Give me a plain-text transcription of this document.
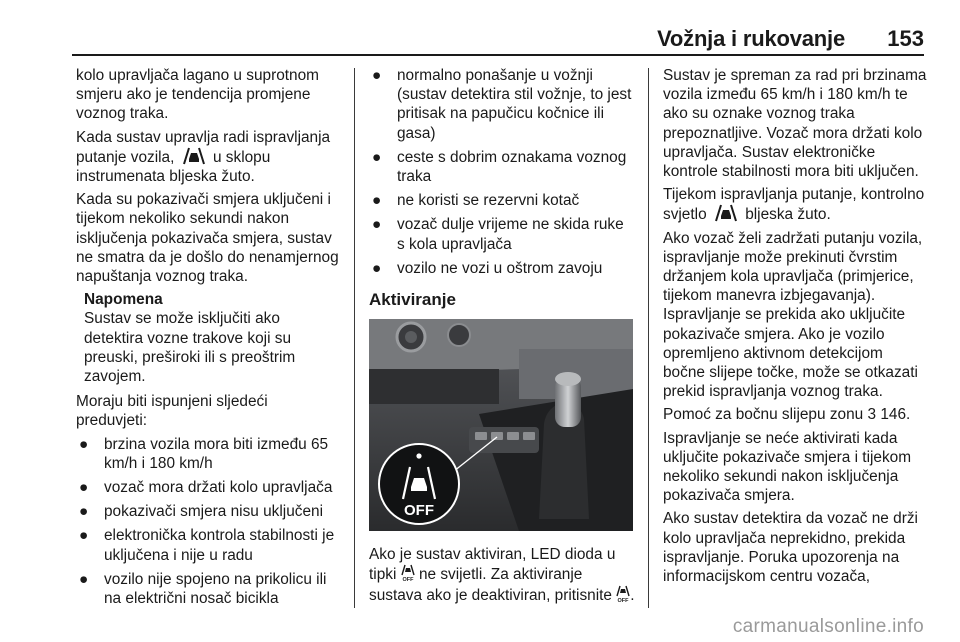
Vožnja i rukovanje 153

kolo upravljača lagano u suprotnom smjeru ako je tendencija promjene voznog traka.

Kada sustav upravlja radi ispravljanja putanje vozila,	u sklopu instrumenata bljeska žuto.

Kada su pokazivači smjera uključeni i tijekom nekoliko sekundi nakon isključenja pokazivača smjera, sustav ne smatra da je došlo do nenamjernog napuštanja voznog traka.

Napomena
Sustav se može isključiti ako detektira vozne trakove koji su preuski, preširoki ili s preoštrim zavojem.

Moraju biti ispunjeni sljedeći preduvjeti:

● brzina vozila mora biti između 65 km/h i 180 km/h
● vozač mora držati kolo upravljača
● pokazivači smjera nisu uključeni
● elektronička kontrola stabilnosti je uključena i nije u radu
● vozilo nije spojeno na prikolicu ili na električni nosač bicikla
● normalno ponašanje u vožnji (sustav detektira stil vožnje, to jest pritisak na papučicu kočnice ili gasa)
● ceste s dobrim oznakama voznog traka
● ne koristi se rezervni kotač
● vozač dulje vrijeme ne skida ruke s kola upravljača
● vozilo ne vozi u oštrom zavoju
Aktiviranje
OFF

Ako je sustav aktiviran, LED dioda u tipki OFF ne svijetli. Za aktiviranje sustava ako je deaktiviran, pritisnite OFF .

Sustav je spreman za rad pri brzinama vozila između 65 km/h i 180 km/h te ako su oznake voznog traka prepoznatljive. Vozač mora držati kolo upravljača. Sustav elektroničke kontrole stabilnosti mora biti uključen.

Tijekom ispravljanja putanje, kontrolno svjetlo	bljeska žuto.

Ako vozač želi zadržati putanju vozila, ispravljanje može prekinuti čvrstim držanjem kola upravljača (primjerice, tijekom manevra izbjegavanja). Ispravljanje se prekida ako uključite pokazivače smjera. Ako je vozilo opremljeno aktivnom detekcijom bočne slijepe točke, može se otkazati prekid ispravljanja voznog traka.

Pomoć za bočnu slijepu zonu 3 146.

Ispravljanje se neće aktivirati kada uključite pokazivače smjera i tijekom nekoliko sekundi nakon isključenja pokazivača smjera.

Ako sustav detektira da vozač ne drži kolo upravljača neprekidno, prekida ispravljanje. Poruka upozorenja na informacijskom centru vozača,

carmanualsonline.info
